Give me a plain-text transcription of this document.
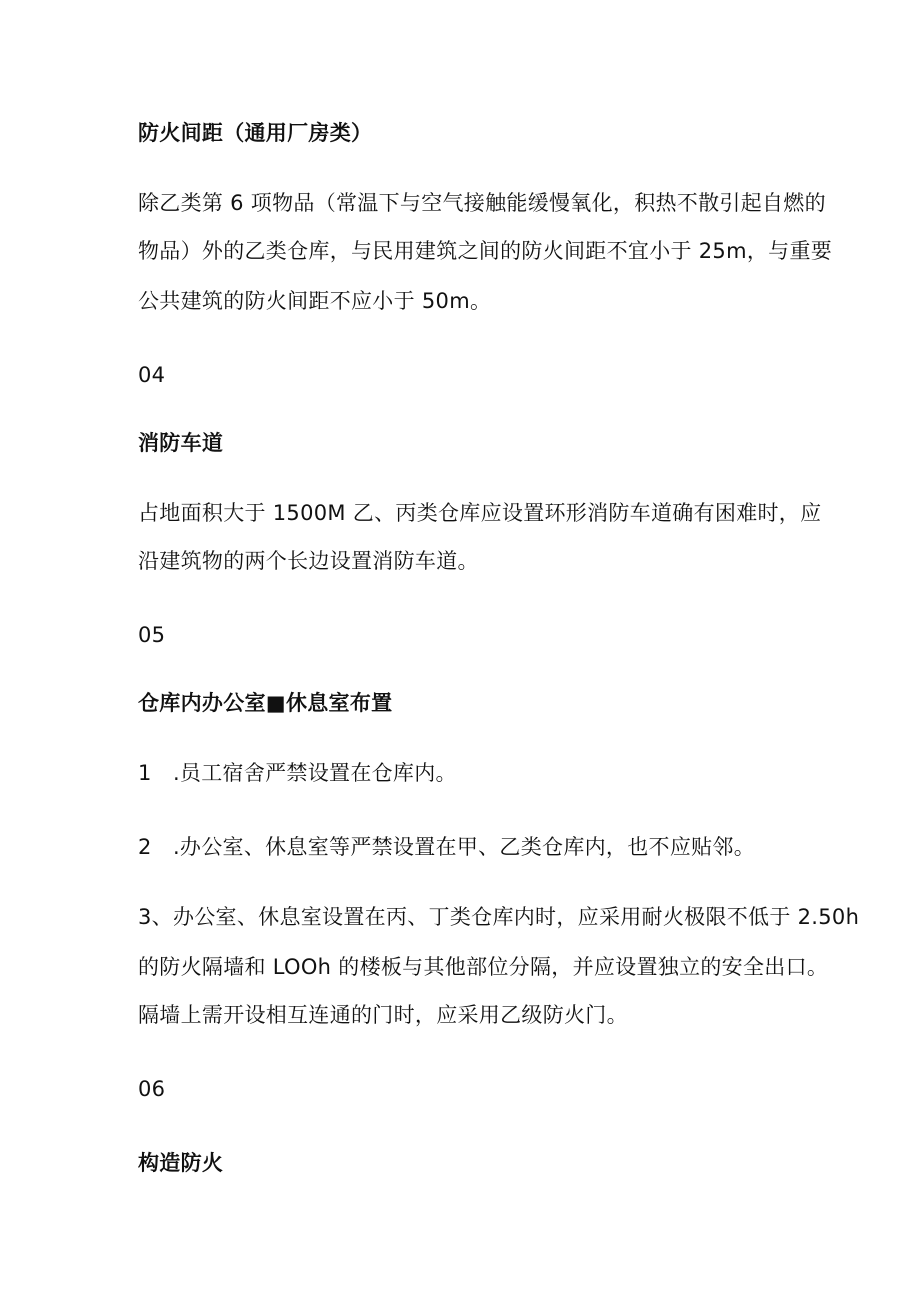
防火间距（通用厂房类）
除乙类第 6 项物品（常温下与空气接触能缓慢氧化，积热不散引起自燃的
物品）外的乙类仓库，与民用建筑之间的防火间距不宜小于 25m，与重要
公共建筑的防火间距不应小于 50m。
04
消防车道
占地面积大于 1500M 乙、丙类仓库应设置环形消防车道确有困难时，应
沿建筑物的两个长边设置消防车道。
05
仓库内办公室■休息室布置
1　.员工宿舍严禁设置在仓库内。
2　.办公室、休息室等严禁设置在甲、乙类仓库内，也不应贴邻。
3、办公室、休息室设置在丙、丁类仓库内时，应采用耐火极限不低于 2.50h
的防火隔墙和 LOOh 的楼板与其他部位分隔，并应设置独立的安全出口。
隔墙上需开设相互连通的门时，应采用乙级防火门。
06
构造防火
